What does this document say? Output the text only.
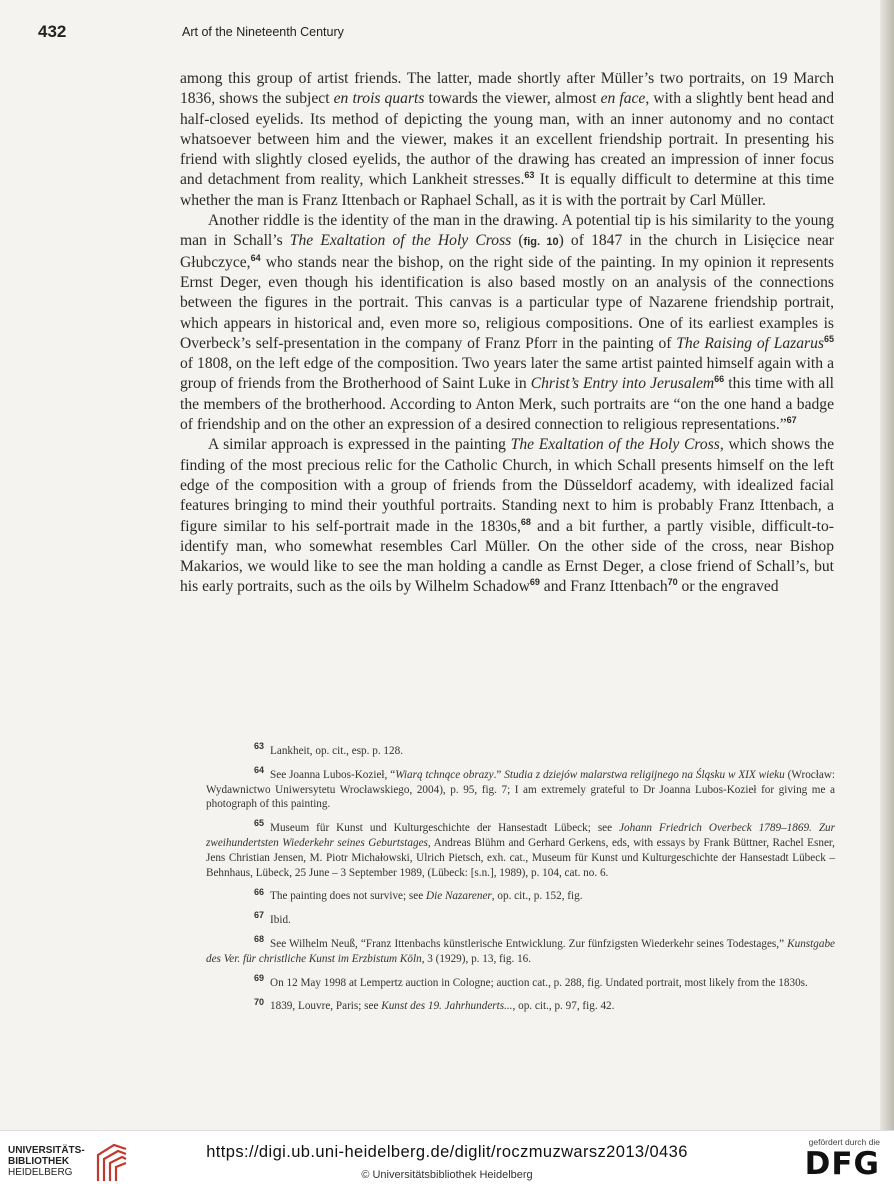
432	Art of the Nineteenth Century

among this group of artist friends. The latter, made shortly after Müller’s two portraits, on 19 March 1836, shows the subject en trois quarts towards the viewer, almost en face, with a slightly bent head and half-closed eyelids. Its method of depicting the young man, with an inner autonomy and no contact whatsoever between him and the viewer, makes it an excellent friendship portrait. In presenting his friend with slightly closed eyelids, the author of the drawing has created an impression of inner focus and detachment from reality, which Lankheit stresses.$^{63}$ It is equally difficult to determine at this time whether the man is Franz Ittenbach or Raphael Schall, as it is with the portrait by Carl Müller.

Another riddle is the identity of the man in the drawing. A potential tip is his similarity to the young man in Schall’s The Exaltation of the Holy Cross (fig. 10) of 1847 in the church in Lisięcice near Głubczyce,$^{64}$ who stands near the bishop, on the right side of the painting. In my opinion it represents Ernst Deger, even though his identification is also based mostly on an analysis of the connections between the figures in the portrait. This canvas is a particular type of Nazarene friendship portrait, which appears in historical and, even more so, religious compositions. One of its earliest examples is Overbeck’s self-presentation in the company of Franz Pforr in the painting of The Raising of Lazarus$^{65}$ of 1808, on the left edge of the composition. Two years later the same artist painted himself again with a group of friends from the Brotherhood of Saint Luke in Christ’s Entry into Jerusalem$^{66}$ this time with all the members of the brotherhood. According to Anton Merk, such portraits are “on the one hand a badge of friendship and on the other an expression of a desired connection to religious representations.”$^{67}$

A similar approach is expressed in the painting The Exaltation of the Holy Cross, which shows the finding of the most precious relic for the Catholic Church, in which Schall presents himself on the left edge of the composition with a group of friends from the Düsseldorf academy, with idealized facial features bringing to mind their youthful portraits. Standing next to him is probably Franz Ittenbach, a figure similar to his self-portrait made in the 1830s,$^{68}$ and a bit further, a partly visible, difficult-to-identify man, who somewhat resembles Carl Müller. On the other side of the cross, near Bishop Makarios, we would like to see the man holding a candle as Ernst Deger, a close friend of Schall’s, but his early portraits, such as the oils by Wilhelm Schadow$^{69}$ and Franz Ittenbach$^{70}$ or the engraved

$^{63}$ Lankheit, op. cit., esp. p. 128.

$^{64}$ See Joanna Lubos-Kozieł, “Wiarą tchnące obrazy.” Studia z dziejów malarstwa religijnego na Śląsku w XIX wieku (Wrocław: Wydawnictwo Uniwersytetu Wrocławskiego, 2004), p. 95, fig. 7; I am extremely grateful to Dr Joanna Lubos-Kozieł for giving me a photograph of this painting.

$^{65}$ Museum für Kunst und Kulturgeschichte der Hansestadt Lübeck; see Johann Friedrich Overbeck 1789–1869. Zur zweihundertsten Wiederkehr seines Geburtstages, Andreas Blühm and Gerhard Gerkens, eds, with essays by Frank Büttner, Rachel Esner, Jens Christian Jensen, M. Piotr Michałowski, Ulrich Pietsch, exh. cat., Museum für Kunst und Kulturgeschichte der Hansestadt Lübeck – Behnhaus, Lübeck, 25 June – 3 September 1989, (Lübeck: [s.n.], 1989), p. 104, cat. no. 6.

$^{66}$ The painting does not survive; see Die Nazarener, op. cit., p. 152, fig.

$^{67}$ Ibid.

$^{68}$ See Wilhelm Neuß, “Franz Ittenbachs künstlerische Entwicklung. Zur fünfzigsten Wiederkehr seines Todestages,” Kunstgabe des Ver. für christliche Kunst im Erzbistum Köln, 3 (1929), p. 13, fig. 16.

$^{69}$ On 12 May 1998 at Lempertz auction in Cologne; auction cat., p. 288, fig. Undated portrait, most likely from the 1830s.

$^{70}$ 1839, Louvre, Paris; see Kunst des 19. Jahrhunderts..., op. cit., p. 97, fig. 42.

UNIVERSITÄTS-
BIBLIOTHEK
HEIDELBERG
https://digi.ub.uni-heidelberg.de/diglit/roczmuzwarsz2013/0436
© Universitätsbibliothek Heidelberg
gefördert durch die
DFG
